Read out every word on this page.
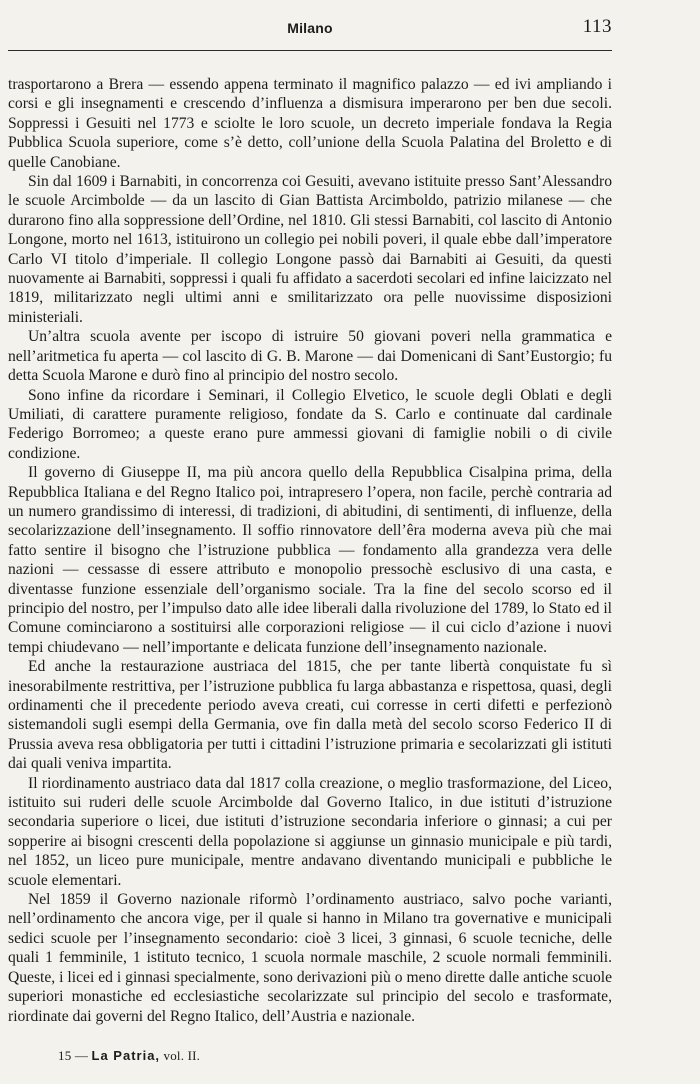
Milano	113

trasportarono a Brera — essendo appena terminato il magnifico palazzo — ed ivi ampliando i corsi e gli insegnamenti e crescendo d’influenza a dismisura imperarono per ben due secoli. Soppressi i Gesuiti nel 1773 e sciolte le loro scuole, un decreto imperiale fondava la Regia Pubblica Scuola superiore, come s’è detto, coll’unione della Scuola Palatina del Broletto e di quelle Canobiane.

Sin dal 1609 i Barnabiti, in concorrenza coi Gesuiti, avevano istituite presso Sant’Alessandro le scuole Arcimbolde — da un lascito di Gian Battista Arcimboldo, patrizio milanese — che durarono fino alla soppressione dell’Ordine, nel 1810. Gli stessi Barnabiti, col lascito di Antonio Longone, morto nel 1613, istituirono un collegio pei nobili poveri, il quale ebbe dall’imperatore Carlo VI titolo d’imperiale. Il collegio Longone passò dai Barnabiti ai Gesuiti, da questi nuovamente ai Barnabiti, soppressi i quali fu affidato a sacerdoti secolari ed infine laicizzato nel 1819, militarizzato negli ultimi anni e smilitarizzato ora pelle nuovissime disposizioni ministeriali.

Un’altra scuola avente per iscopo di istruire 50 giovani poveri nella grammatica e nell’aritmetica fu aperta — col lascito di G. B. Marone — dai Domenicani di Sant’Eustorgio; fu detta Scuola Marone e durò fino al principio del nostro secolo.

Sono infine da ricordare i Seminari, il Collegio Elvetico, le scuole degli Oblati e degli Umiliati, di carattere puramente religioso, fondate da S. Carlo e continuate dal cardinale Federigo Borromeo; a queste erano pure ammessi giovani di famiglie nobili o di civile condizione.

Il governo di Giuseppe II, ma più ancora quello della Repubblica Cisalpina prima, della Repubblica Italiana e del Regno Italico poi, intrapresero l’opera, non facile, perchè contraria ad un numero grandissimo di interessi, di tradizioni, di abitudini, di sentimenti, di influenze, della secolarizzazione dell’insegnamento. Il soffio rinnovatore dell’êra moderna aveva più che mai fatto sentire il bisogno che l’istruzione pubblica — fondamento alla grandezza vera delle nazioni — cessasse di essere attributo e monopolio pressochè esclusivo di una casta, e diventasse funzione essenziale dell’organismo sociale. Tra la fine del secolo scorso ed il principio del nostro, per l’impulso dato alle idee liberali dalla rivoluzione del 1789, lo Stato ed il Comune cominciarono a sostituirsi alle corporazioni religiose — il cui ciclo d’azione i nuovi tempi chiudevano — nell’importante e delicata funzione dell’insegnamento nazionale.

Ed anche la restaurazione austriaca del 1815, che per tante libertà conquistate fu sì inesorabilmente restrittiva, per l’istruzione pubblica fu larga abbastanza e rispettosa, quasi, degli ordinamenti che il precedente periodo aveva creati, cui corresse in certi difetti e perfezionò sistemandoli sugli esempi della Germania, ove fin dalla metà del secolo scorso Federico II di Prussia aveva resa obbligatoria per tutti i cittadini l’istruzione primaria e secolarizzati gli istituti dai quali veniva impartita.

Il riordinamento austriaco data dal 1817 colla creazione, o meglio trasformazione, del Liceo, istituito sui ruderi delle scuole Arcimbolde dal Governo Italico, in due istituti d’istruzione secondaria superiore o licei, due istituti d’istruzione secondaria inferiore o ginnasi; a cui per sopperire ai bisogni crescenti della popolazione si aggiunse un ginnasio municipale e più tardi, nel 1852, un liceo pure municipale, mentre andavano diventando municipali e pubbliche le scuole elementari.

Nel 1859 il Governo nazionale riformò l’ordinamento austriaco, salvo poche varianti, nell’ordinamento che ancora vige, per il quale si hanno in Milano tra governative e municipali sedici scuole per l’insegnamento secondario: cioè 3 licei, 3 ginnasi, 6 scuole tecniche, delle quali 1 femminile, 1 istituto tecnico, 1 scuola normale maschile, 2 scuole normali femminili. Queste, i licei ed i ginnasi specialmente, sono derivazioni più o meno dirette dalle antiche scuole superiori monastiche ed ecclesiastiche secolarizzate sul principio del secolo e trasformate, riordinate dai governi del Regno Italico, dell’Austria e nazionale.

15 — La Patria, vol. II.
